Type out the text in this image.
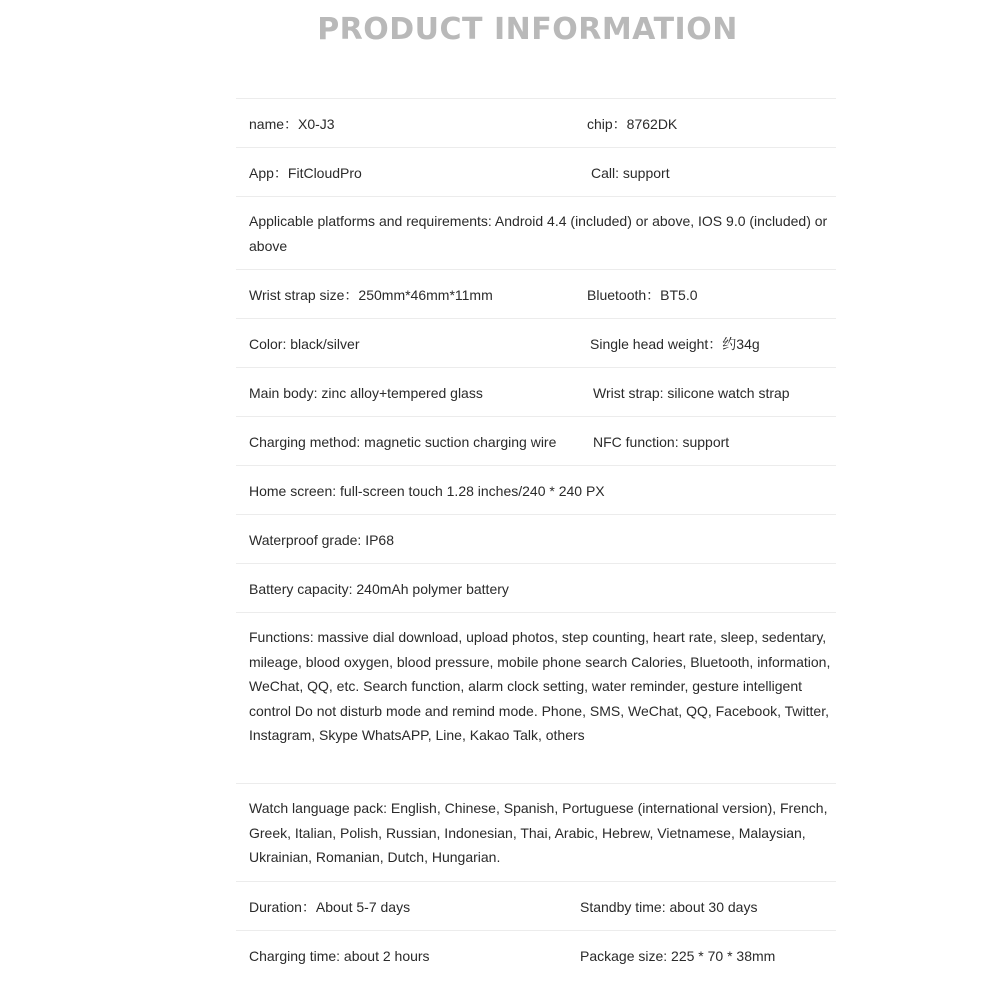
PRODUCT INFORMATION
name：X0-J3	chip：8762DK
App：FitCloudPro	Call: support
Applicable platforms and requirements: Android 4.4 (included) or above, IOS 9.0 (included) or above
Wrist strap size：250mm*46mm*11mm	Bluetooth：BT5.0
Color: black/silver	Single head weight：约34g
Main body: zinc alloy+tempered glass	Wrist strap: silicone watch strap
Charging method: magnetic suction charging wire	NFC function: support
Home screen: full-screen touch 1.28 inches/240 * 240 PX
Waterproof grade: IP68
Battery capacity: 240mAh polymer battery
Functions: massive dial download, upload photos, step counting, heart rate, sleep, sedentary, mileage, blood oxygen, blood pressure, mobile phone search Calories, Bluetooth, information, WeChat, QQ, etc. Search function, alarm clock setting, water reminder, gesture intelligent control Do not disturb mode and remind mode. Phone, SMS, WeChat, QQ, Facebook, Twitter, Instagram, Skype WhatsAPP, Line, Kakao Talk, others
Watch language pack: English, Chinese, Spanish, Portuguese (international version), French, Greek, Italian, Polish, Russian, Indonesian, Thai, Arabic, Hebrew, Vietnamese, Malaysian, Ukrainian, Romanian, Dutch, Hungarian.
Duration：About 5-7 days	Standby time: about 30 days
Charging time: about 2 hours	Package size: 225 * 70 * 38mm
